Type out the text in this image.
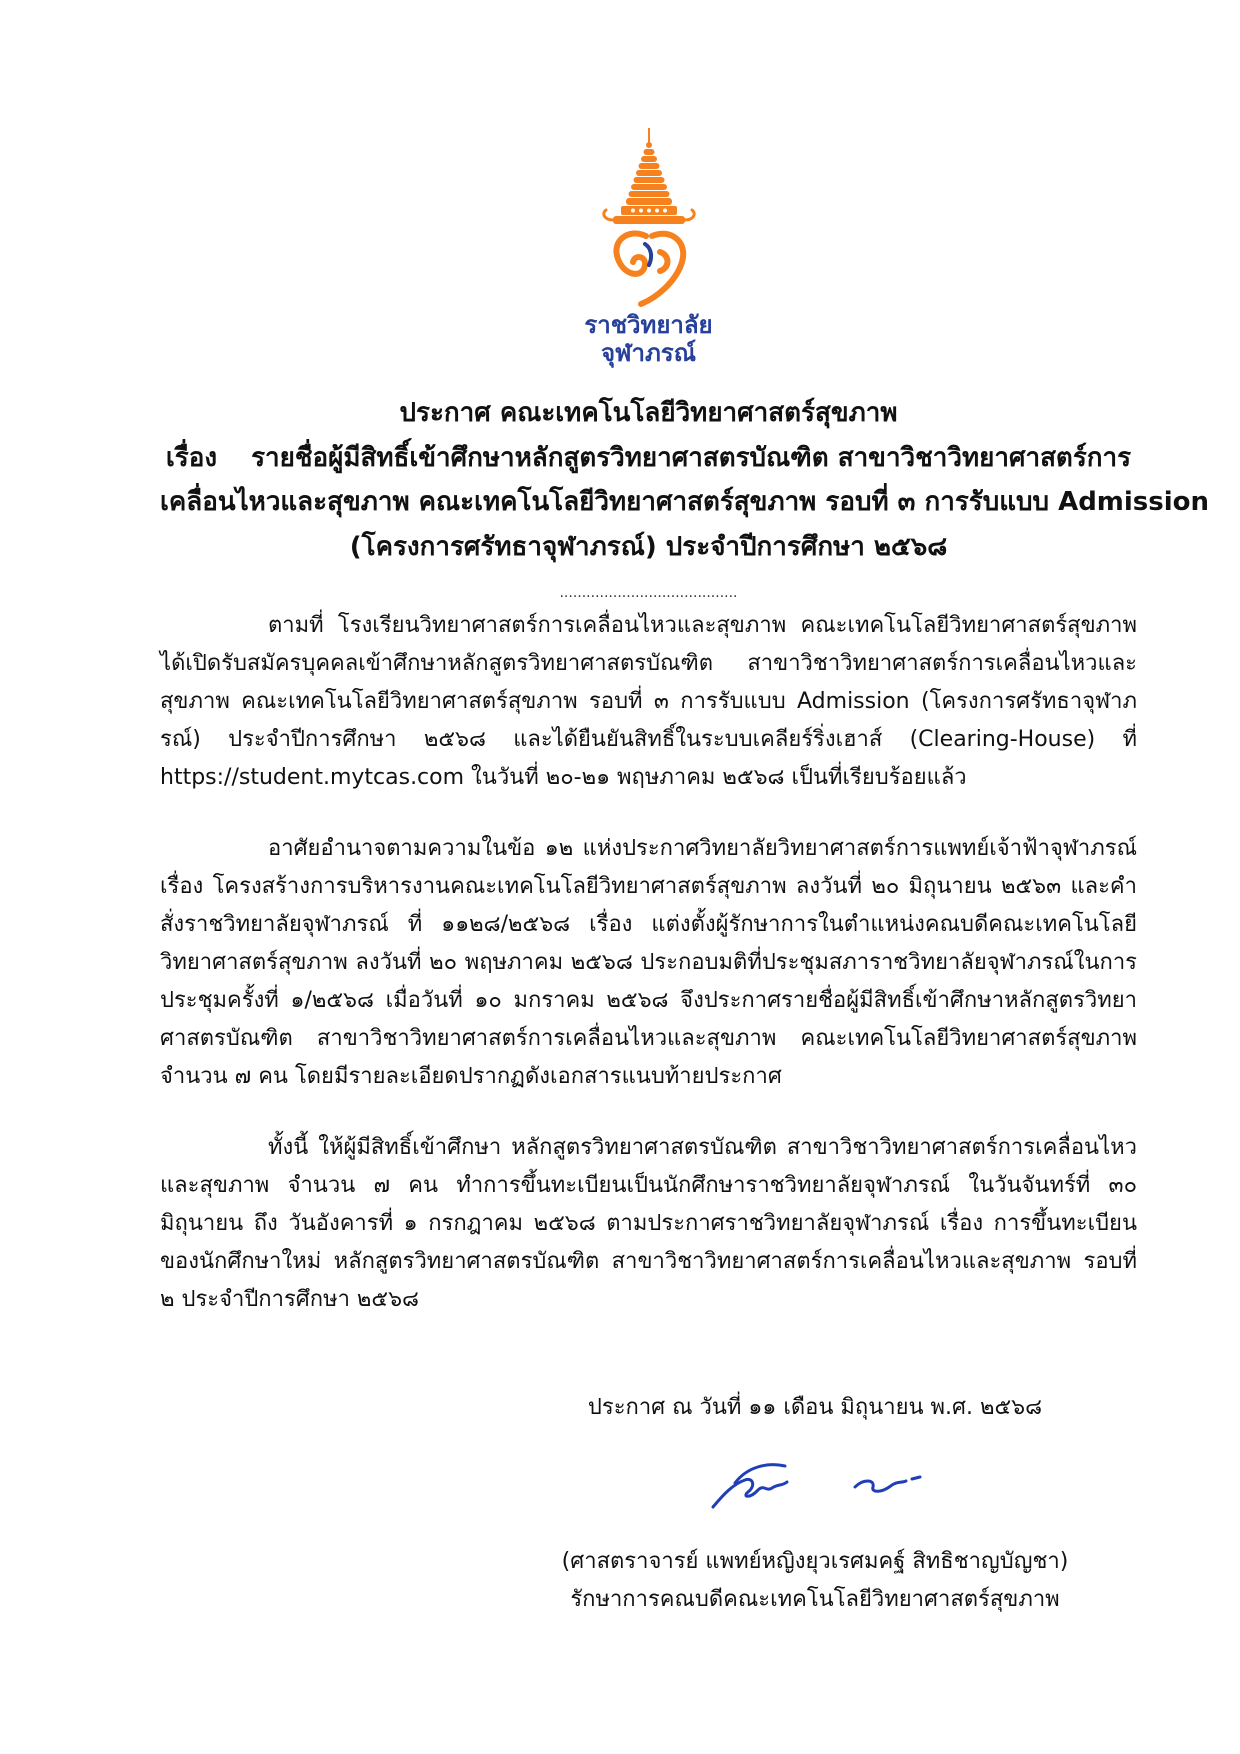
ราชวิทยาลัย
จุฬาภรณ์
ประกาศ คณะเทคโนโลยีวิทยาศาสตร์สุขภาพ
เรื่อง รายชื่อผู้มีสิทธิ์เข้าศึกษาหลักสูตรวิทยาศาสตรบัณฑิต สาขาวิชาวิทยาศาสตร์การ
เคลื่อนไหวและสุขภาพ คณะเทคโนโลยีวิทยาศาสตร์สุขภาพ รอบที่ ๓ การรับแบบ Admission
(โครงการศรัทธาจุฬาภรณ์) ประจำปีการศึกษา ๒๕๖๘
........................................

ตามที่ โรงเรียนวิทยาศาสตร์การเคลื่อนไหวและสุขภาพ คณะเทคโนโลยีวิทยาศาสตร์สุขภาพ ได้เปิดรับสมัครบุคคลเข้าศึกษาหลักสูตรวิทยาศาสตรบัณฑิต สาขาวิชาวิทยาศาสตร์การเคลื่อนไหวและสุขภาพ คณะเทคโนโลยีวิทยาศาสตร์สุขภาพ รอบที่ ๓ การรับแบบ Admission (โครงการศรัทธาจุฬาภรณ์) ประจำปีการศึกษา ๒๕๖๘ และได้ยืนยันสิทธิ์ในระบบเคลียร์ริ่งเฮาส์ (Clearing-House) ที่ https://student.mytcas.com ในวันที่ ๒๐-๒๑ พฤษภาคม ๒๕๖๘ เป็นที่เรียบร้อยแล้ว

อาศัยอำนาจตามความในข้อ ๑๒ แห่งประกาศวิทยาลัยวิทยาศาสตร์การแพทย์เจ้าฟ้าจุฬาภรณ์เรื่อง โครงสร้างการบริหารงานคณะเทคโนโลยีวิทยาศาสตร์สุขภาพ ลงวันที่ ๒๐ มิถุนายน ๒๕๖๓ และคำสั่งราชวิทยาลัยจุฬาภรณ์ ที่ ๑๑๒๘/๒๕๖๘ เรื่อง แต่งตั้งผู้รักษาการในตำแหน่งคณบดีคณะเทคโนโลยีวิทยาศาสตร์สุขภาพ ลงวันที่ ๒๐ พฤษภาคม ๒๕๖๘ ประกอบมติที่ประชุมสภาราชวิทยาลัยจุฬาภรณ์ในการประชุมครั้งที่ ๑/๒๕๖๘ เมื่อวันที่ ๑๐ มกราคม ๒๕๖๘ จึงประกาศรายชื่อผู้มีสิทธิ์เข้าศึกษาหลักสูตรวิทยาศาสตรบัณฑิต สาขาวิชาวิทยาศาสตร์การเคลื่อนไหวและสุขภาพ คณะเทคโนโลยีวิทยาศาสตร์สุขภาพ จำนวน ๗ คน โดยมีรายละเอียดปรากฏดังเอกสารแนบท้ายประกาศ

ทั้งนี้ ให้ผู้มีสิทธิ์เข้าศึกษา หลักสูตรวิทยาศาสตรบัณฑิต สาขาวิชาวิทยาศาสตร์การเคลื่อนไหวและสุขภาพ จำนวน ๗ คน ทำการขึ้นทะเบียนเป็นนักศึกษาราชวิทยาลัยจุฬาภรณ์ ในวันจันทร์ที่ ๓๐ มิถุนายน ถึง วันอังคารที่ ๑ กรกฎาคม ๒๕๖๘ ตามประกาศราชวิทยาลัยจุฬาภรณ์ เรื่อง การขึ้นทะเบียนของนักศึกษาใหม่ หลักสูตรวิทยาศาสตรบัณฑิต สาขาวิชาวิทยาศาสตร์การเคลื่อนไหวและสุขภาพ รอบที่ ๒ ประจำปีการศึกษา ๒๕๖๘

ประกาศ ณ วันที่ ๑๑ เดือน มิถุนายน พ.ศ. ๒๕๖๘
(ศาสตราจารย์ แพทย์หญิงยุวเรศมคฐ์ สิทธิชาญบัญชา)
รักษาการคณบดีคณะเทคโนโลยีวิทยาศาสตร์สุขภาพ
